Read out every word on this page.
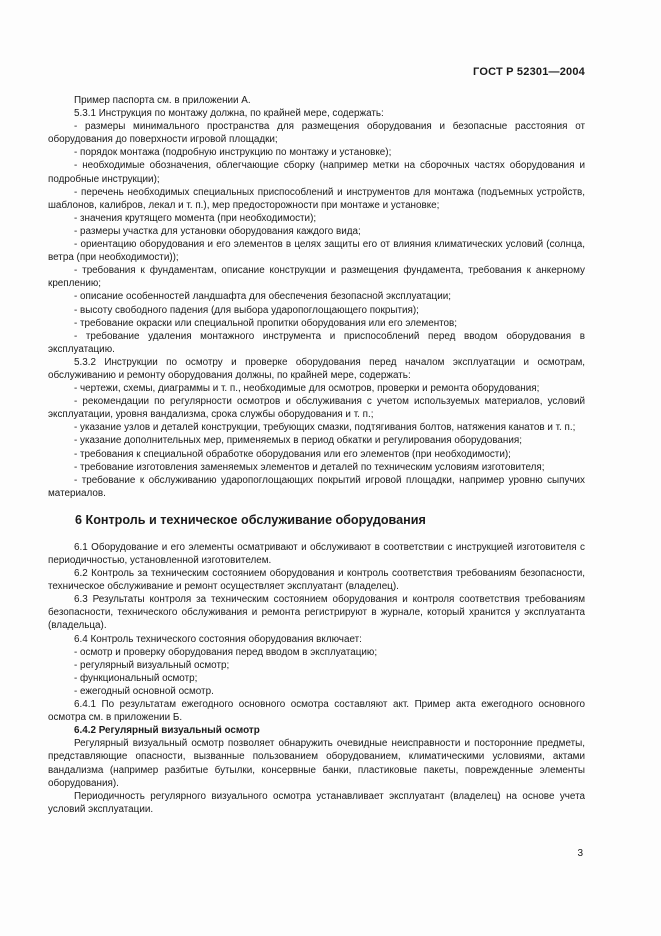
ГОСТ Р 52301—2004

Пример паспорта см. в приложении А.

5.3.1 Инструкция по монтажу должна, по крайней мере, содержать:

- размеры минимального пространства для размещения оборудования и безопасные расстояния от оборудования до поверхности игровой площадки;

- порядок монтажа (подробную инструкцию по монтажу и установке);

- необходимые обозначения, облегчающие сборку (например метки на сборочных частях оборудования и подробные инструкции);

- перечень необходимых специальных приспособлений и инструментов для монтажа (подъемных устройств, шаблонов, калибров, лекал и т. п.), мер предосторожности при монтаже и установке;

- значения крутящего момента (при необходимости);

- размеры участка для установки оборудования каждого вида;

- ориентацию оборудования и его элементов в целях защиты его от влияния климатических условий (солнца, ветра (при необходимости));

- требования к фундаментам, описание конструкции и размещения фундамента, требования к анкерному креплению;

- описание особенностей ландшафта для обеспечения безопасной эксплуатации;

- высоту свободного падения (для выбора ударопоглощающего покрытия);

- требование окраски или специальной пропитки оборудования или его элементов;

- требование удаления монтажного инструмента и приспособлений перед вводом оборудования в эксплуатацию.

5.3.2 Инструкции по осмотру и проверке оборудования перед началом эксплуатации и осмотрам, обслуживанию и ремонту оборудования должны, по крайней мере, содержать:

- чертежи, схемы, диаграммы и т. п., необходимые для осмотров, проверки и ремонта оборудования;

- рекомендации по регулярности осмотров и обслуживания с учетом используемых материалов, условий эксплуатации, уровня вандализма, срока службы оборудования и т. п.;

- указание узлов и деталей конструкции, требующих смазки, подтягивания болтов, натяжения канатов и т. п.;

- указание дополнительных мер, применяемых в период обкатки и регулирования оборудования;

- требования к специальной обработке оборудования или его элементов (при необходимости);

- требование изготовления заменяемых элементов и деталей по техническим условиям изготовителя;

- требование к обслуживанию ударопоглощающих покрытий игровой площадки, например уровню сыпучих материалов.

6 Контроль и техническое обслуживание оборудования

6.1 Оборудование и его элементы осматривают и обслуживают в соответствии с инструкцией изготовителя с периодичностью, установленной изготовителем.

6.2 Контроль за техническим состоянием оборудования и контроль соответствия требованиям безопасности, техническое обслуживание и ремонт осуществляет эксплуатант (владелец).

6.3 Результаты контроля за техническим состоянием оборудования и контроля соответствия требованиям безопасности, технического обслуживания и ремонта регистрируют в журнале, который хранится у эксплуатанта (владельца).

6.4 Контроль технического состояния оборудования включает:

- осмотр и проверку оборудования перед вводом в эксплуатацию;

- регулярный визуальный осмотр;

- функциональный осмотр;

- ежегодный основной осмотр.

6.4.1 По результатам ежегодного основного осмотра составляют акт. Пример акта ежегодного основного осмотра см. в приложении Б.

6.4.2 Регулярный визуальный осмотр

Регулярный визуальный осмотр позволяет обнаружить очевидные неисправности и посторонние предметы, представляющие опасности, вызванные пользованием оборудованием, климатическими условиями, актами вандализма (например разбитые бутылки, консервные банки, пластиковые пакеты, поврежденные элементы оборудования).

Периодичность регулярного визуального осмотра устанавливает эксплуатант (владелец) на основе учета условий эксплуатации.

3
